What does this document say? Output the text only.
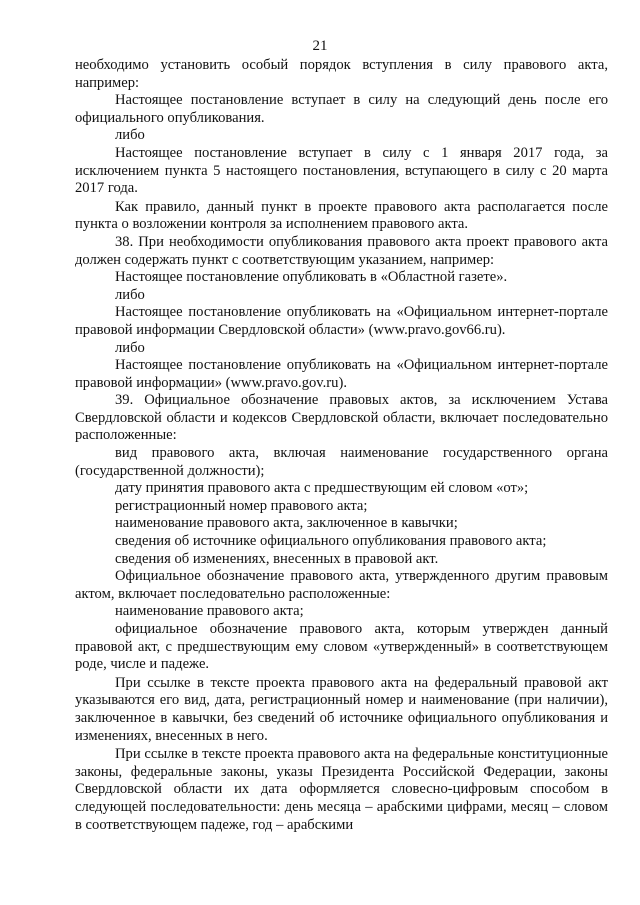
21

необходимо установить особый порядок вступления в силу правового акта, например:

Настоящее постановление вступает в силу на следующий день после его официального опубликования.

либо

Настоящее постановление вступает в силу с 1 января 2017 года, за исключением пункта 5 настоящего постановления, вступающего в силу с 20 марта 2017 года.

Как правило, данный пункт в проекте правового акта располагается после пункта о возложении контроля за исполнением правового акта.

38. При необходимости опубликования правового акта проект правового акта должен содержать пункт с соответствующим указанием, например:

Настоящее постановление опубликовать в «Областной газете».

либо

Настоящее постановление опубликовать на «Официальном интернет-портале правовой информации Свердловской области» (www.pravo.gov66.ru).

либо

Настоящее постановление опубликовать на «Официальном интернет-портале правовой информации» (www.pravo.gov.ru).

39. Официальное обозначение правовых актов, за исключением Устава Свердловской области и кодексов Свердловской области, включает последовательно расположенные:

вид правового акта, включая наименование государственного органа (государственной должности);

дату принятия правового акта с предшествующим ей словом «от»;

регистрационный номер правового акта;

наименование правового акта, заключенное в кавычки;

сведения об источнике официального опубликования правового акта;

сведения об изменениях, внесенных в правовой акт.

Официальное обозначение правового акта, утвержденного другим правовым актом, включает последовательно расположенные:

наименование правового акта;

официальное обозначение правового акта, которым утвержден данный правовой акт, с предшествующим ему словом «утвержденный» в соответствующем роде, числе и падеже.

При ссылке в тексте проекта правового акта на федеральный правовой акт указываются его вид, дата, регистрационный номер и наименование (при наличии), заключенное в кавычки, без сведений об источнике официального опубликования и изменениях, внесенных в него.

При ссылке в тексте проекта правового акта на федеральные конституционные законы, федеральные законы, указы Президента Российской Федерации, законы Свердловской области их дата оформляется словесно-цифровым способом в следующей последовательности: день месяца – арабскими цифрами, месяц – словом в соответствующем падеже, год – арабскими
